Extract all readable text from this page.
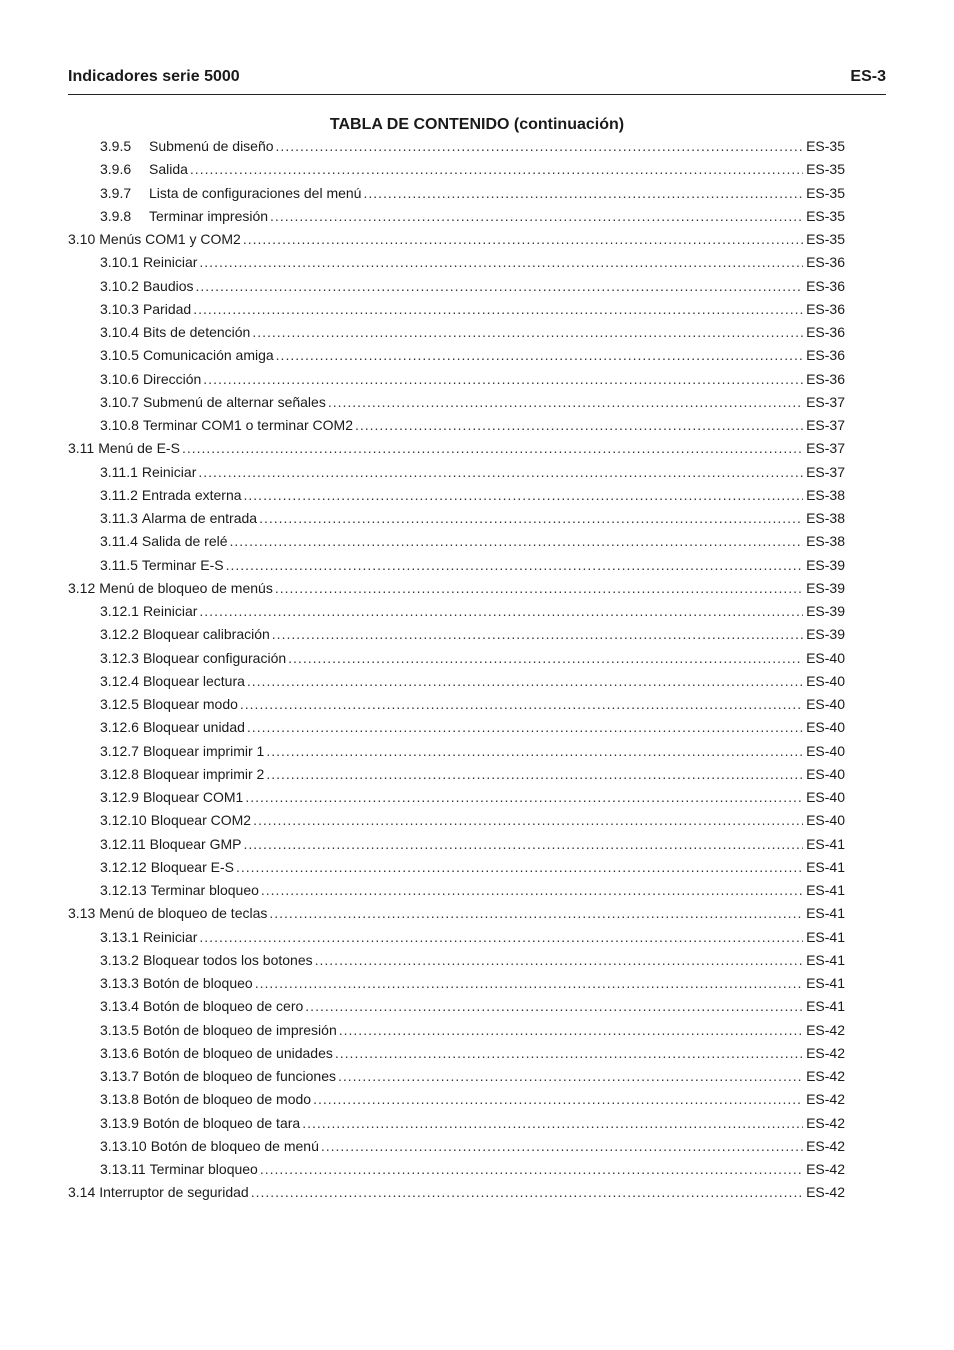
Indicadores serie 5000	ES-3
TABLA DE CONTENIDO (continuación)
3.9.5 Submenú de diseño .....	ES-35
3.9.6 Salida .....	ES-35
3.9.7 Lista de configuraciones del menú .....	ES-35
3.9.8 Terminar impresión .....	ES-35
3.10 Menús COM1 y COM2 .....	ES-35
3.10.1 Reiniciar .....	ES-36
3.10.2 Baudios .....	ES-36
3.10.3 Paridad .....	ES-36
3.10.4 Bits de detención .....	ES-36
3.10.5 Comunicación amiga .....	ES-36
3.10.6 Dirección .....	ES-36
3.10.7 Submenú de alternar señales .....	ES-37
3.10.8 Terminar COM1 o terminar COM2 .....	ES-37
3.11 Menú de E-S .....	ES-37
3.11.1 Reiniciar .....	ES-37
3.11.2 Entrada externa .....	ES-38
3.11.3 Alarma de entrada .....	ES-38
3.11.4 Salida de relé .....	ES-38
3.11.5 Terminar E-S .....	ES-39
3.12 Menú de bloqueo de menús .....	ES-39
3.12.1 Reiniciar .....	ES-39
3.12.2 Bloquear calibración .....	ES-39
3.12.3 Bloquear configuración .....	ES-40
3.12.4 Bloquear lectura .....	ES-40
3.12.5 Bloquear modo .....	ES-40
3.12.6 Bloquear unidad .....	ES-40
3.12.7 Bloquear imprimir 1 .....	ES-40
3.12.8 Bloquear imprimir 2 .....	ES-40
3.12.9 Bloquear COM1 .....	ES-40
3.12.10 Bloquear COM2 .....	ES-40
3.12.11 Bloquear GMP .....	ES-41
3.12.12 Bloquear E-S .....	ES-41
3.12.13 Terminar bloqueo .....	ES-41
3.13 Menú de bloqueo de teclas .....	ES-41
3.13.1 Reiniciar .....	ES-41
3.13.2 Bloquear todos los botones .....	ES-41
3.13.3 Botón de bloqueo .....	ES-41
3.13.4 Botón de bloqueo de cero .....	ES-41
3.13.5 Botón de bloqueo de impresión .....	ES-42
3.13.6 Botón de bloqueo de unidades .....	ES-42
3.13.7 Botón de bloqueo de funciones .....	ES-42
3.13.8 Botón de bloqueo de modo .....	ES-42
3.13.9 Botón de bloqueo de tara .....	ES-42
3.13.10 Botón de bloqueo de menú .....	ES-42
3.13.11 Terminar bloqueo .....	ES-42
3.14 Interruptor de seguridad .....	ES-42
